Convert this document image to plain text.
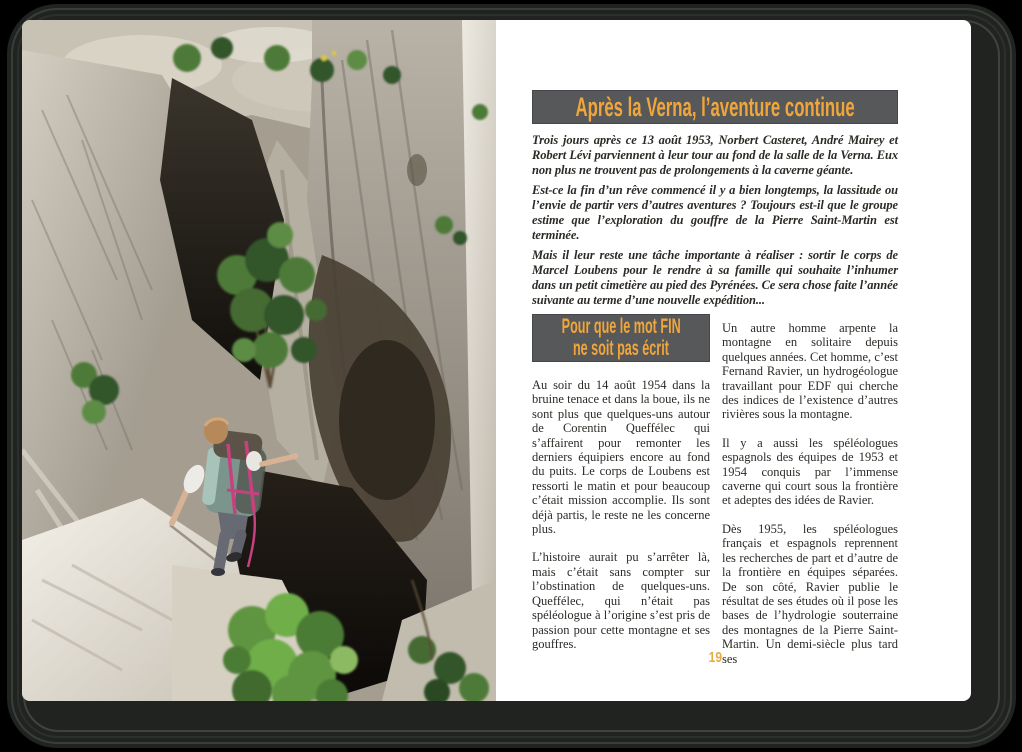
Après la Verna, l’aventure continue

Trois jours après ce 13 août 1953, Norbert Casteret, André Mairey et Robert Lévi parviennent à leur tour au fond de la salle de la Verna. Eux non plus ne trouvent pas de prolongements à la caverne géante.

Est-ce la fin d’un rêve commencé il y a bien longtemps, la lassitude ou l’envie de partir vers d’autres aventures ? Toujours est-il que le groupe estime que l’exploration du gouffre de la Pierre Saint-Martin est terminée.

Mais il leur reste une tâche importante à réaliser : sortir le corps de Marcel Loubens pour le rendre à sa famille qui souhaite l’inhumer dans un petit cimetière au pied des Pyrénées. Ce sera chose faite l’année suivante au terme d’une nouvelle expédition...

Pour que le mot FIN
ne soit pas écrit

Au soir du 14 août 1954 dans la bruine tenace et dans la boue, ils ne sont plus que quelques-uns autour de Corentin Queffélec qui s’affairent pour remonter les derniers équipiers encore au fond du puits. Le corps de Loubens est ressorti le matin et pour beaucoup c’était mission accomplie. Ils sont déjà partis, le reste ne les concerne plus.

L’histoire aurait pu s’arrêter là, mais c’était sans compter sur l’obstination de quelques-uns. Queffélec, qui n’était pas spéléologue à l’origine s’est pris de passion pour cette montagne et ses gouffres.

Un autre homme arpente la montagne en solitaire depuis quelques années. Cet homme, c’est Fernand Ravier, un hydrogéologue travaillant pour EDF qui cherche des indices de l’existence d’autres rivières sous la montagne.

Il y a aussi les spéléologues espagnols des équipes de 1953 et 1954 conquis par l’immense caverne qui court sous la frontière et adeptes des idées de Ravier.

Dès 1955, les spéléologues français et espagnols reprennent les recherches de part et d’autre de la frontière en équipes séparées. De son côté, Ravier publie le résultat de ses études où il pose les bases de l’hydrologie souterraine des montagnes de la Pierre Saint-Martin. Un demi-siècle plus tard ses

19
